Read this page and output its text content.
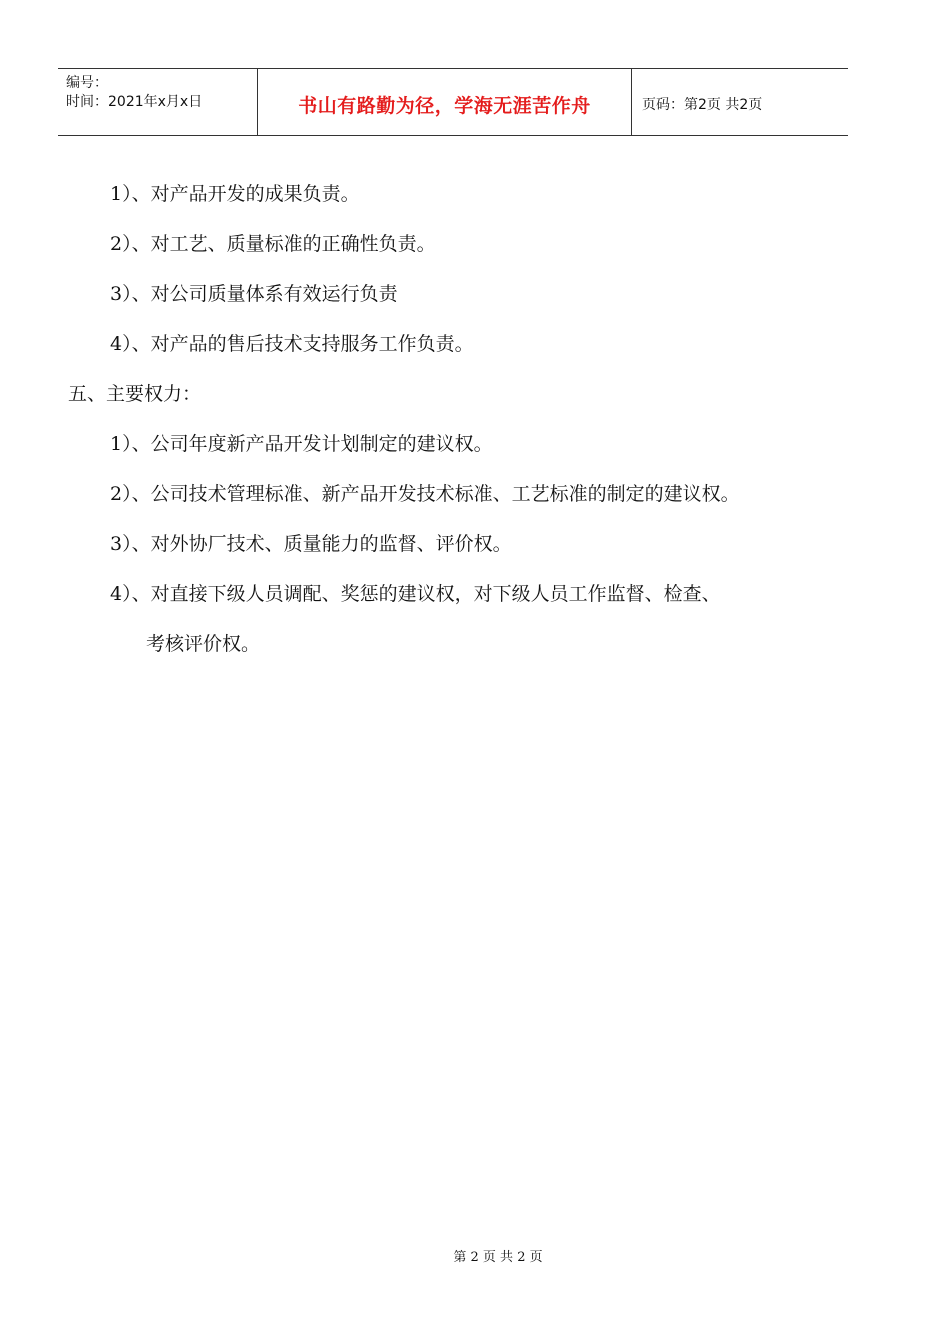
编号：
时间：2021年x月x日	书山有路勤为径，学海无涯苦作舟	页码：第2页 共2页
1）、对产品开发的成果负责。
2）、对工艺、质量标准的正确性负责。
3）、对公司质量体系有效运行负责
4）、对产品的售后技术支持服务工作负责。
五、主要权力：
1）、公司年度新产品开发计划制定的建议权。
2）、公司技术管理标准、新产品开发技术标准、工艺标准的制定的建议权。
3）、对外协厂技术、质量能力的监督、评价权。
4）、对直接下级人员调配、奖惩的建议权，对下级人员工作监督、检查、
考核评价权。
第 2 页 共 2 页
